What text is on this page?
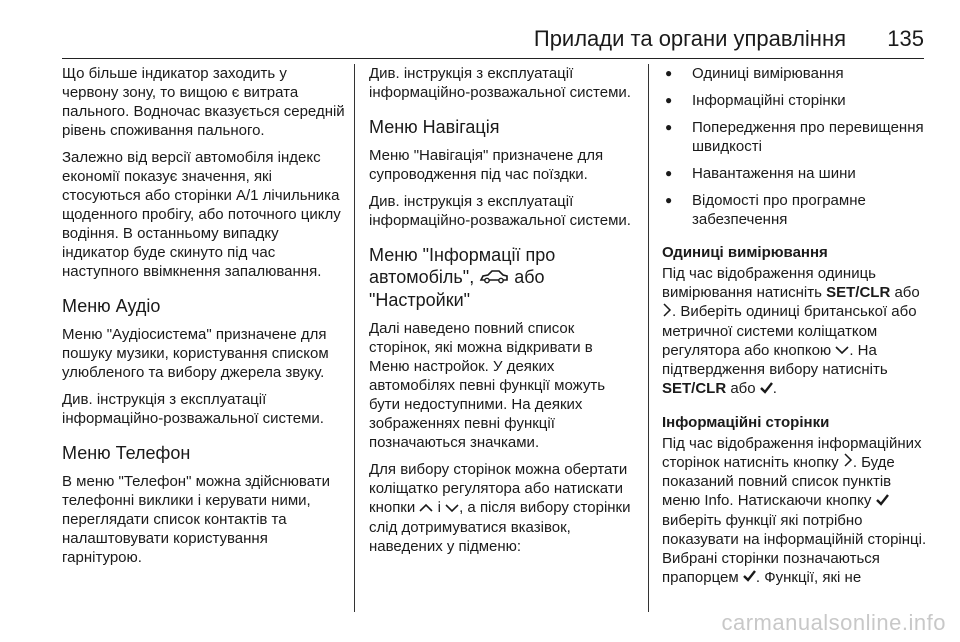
Прилади та органи управління 135

Що більше індикатор заходить у червону зону, то вищою є витрата пального. Водночас вказується середній рівень споживання пального.

Залежно від версії автомобіля індекс економії показує значення, які стосуються або сторінки A/1 лічильника щоденного пробігу, або поточного циклу водіння. В останньому випадку індикатор буде скинуто під час наступного ввімкнення запалювання.

Меню Аудіо

Меню "Аудіосистема" призначене для пошуку музики, користування списком улюбленого та вибору джерела звуку.

Див. інструкція з експлуатації інформаційно-розважальної системи.

Меню Телефон

В меню "Телефон" можна здійснювати телефонні виклики і керувати ними, переглядати список контактів та налаштовувати користування гарнітурою.

Див. інструкція з експлуатації інформаційно-розважальної системи.

Меню Навігація

Меню "Навігація" призначене для супроводження під час поїздки.

Див. інструкція з експлуатації інформаційно-розважальної системи.

Меню "Інформації про автомобіль",  або
"Настройки"

Далі наведено повний список сторінок, які можна відкривати в Меню настройок. У деяких автомобілях певні функції можуть бути недоступними. На деяких зображеннях певні функції позначаються значками.

Для вибору сторінок можна обертати коліщатко регулятора або натискати кнопки  і , а після вибору сторінки слід дотримуватися вказівок, наведених у підменю:

● Одиниці вимірювання
● Інформаційні сторінки
● Попередження про перевищення швидкості
● Навантаження на шини
● Відомості про програмне забезпечення
Одиниці вимірювання

Під час відображення одиниць вимірювання натисніть SET/CLR або . Виберіть одиниці британської або метричної системи коліщатком регулятора або кнопкою . На підтвердження вибору натисніть SET/CLR або .

Інформаційні сторінки

Під час відображення інформаційних сторінок натисніть кнопку . Буде показаний повний список пунктів меню Info. Натискаючи кнопку  виберіть функції які потрібно показувати на інформаційній сторінці. Вибрані сторінки позначаються прапорцем . Функції, які не

carmanualsonline.info
